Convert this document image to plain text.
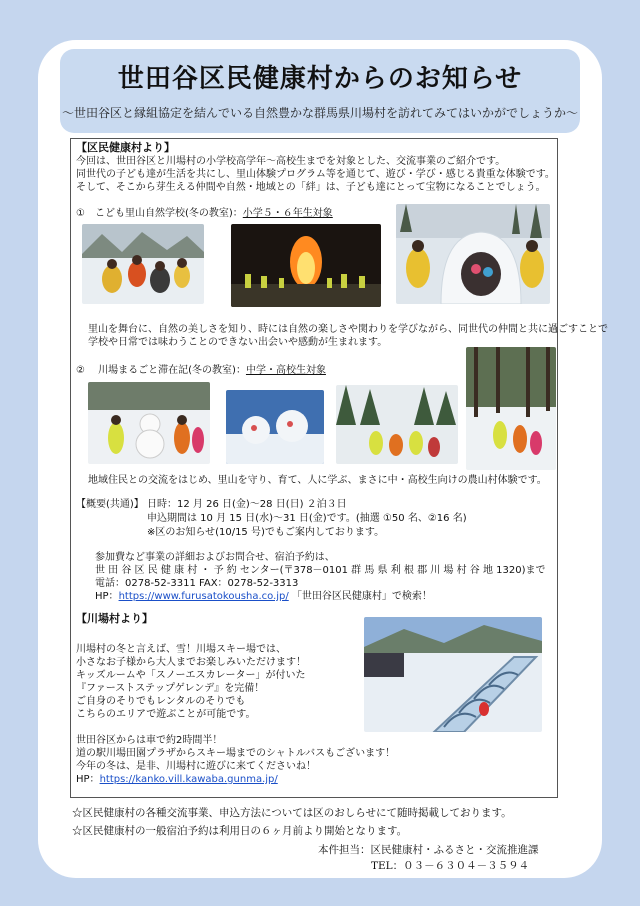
世田谷区民健康村からのお知らせ
～世田谷区と縁組協定を結んでいる自然豊かな群馬県川場村を訪れてみてはいかがでしょうか～
【区民健康村より】
今回は、世田谷区と川場村の小学校高学年～高校生までを対象とした、交流事業のご紹介です。
同世代の子ども達が生活を共にし、里山体験プログラム等を通じて、遊び・学び・感じる貴重な体験です。
そして、そこから芽生える仲間や自然・地域との「絆」は、子ども達にとって宝物になることでしょう。
①　こども里山自然学校(冬の教室)：小学５・６年生対象
里山を舞台に、自然の美しさを知り、時には自然の楽しさや関わりを学びながら、同世代の仲間と共に過ごすことで
学校や日常では味わうことのできない出会いや感動が生まれます。
②　 川場まるごと滞在記(冬の教室)：中学・高校生対象
地域住民との交流をはじめ、里山を守り、育て、人に学ぶ、まさに中・高校生向けの農山村体験です。
【概要(共通)】 日時：12 月 26 日(金)～28 日(日) ２泊３日
申込期間は 10 月 15 日(水)～31 日(金)です。(抽選 ①50 名、②16 名)
※区のお知らせ(10/15 号)でもご案内しております。
参加費など事業の詳細およびお問合せ、宿泊予約は、
世 田 谷 区 民 健 康 村 ・ 予 約 センター(〒378－0101 群 馬 県 利 根 郡 川 場 村 谷 地 1320)まで
電話：0278-52-3311 FAX：0278-52-3313
HP：https://www.furusatokousha.co.jp/ 「世田谷区民健康村」で検索！
【川場村より】
川場村の冬と言えば、雪！川場スキー場では、
小さなお子様から大人までお楽しみいただけます！
キッズルームや「スノーエスカレーター」が付いた
『ファーストステップゲレンデ』を完備！
ご自身のそりでもレンタルのそりでも
こちらのエリアで遊ぶことが可能です。
世田谷区からは車で約2時間半！
道の駅川場田園プラザからスキー場までのシャトルバスもございます！
今年の冬は、是非、川場村に遊びに来てくださいね！
HP：https://kanko.vill.kawaba.gunma.jp/
☆区民健康村の各種交流事業、申込方法については区のおしらせにて随時掲載しております。
☆区民健康村の一般宿泊予約は利用日の６ヶ月前より開始となります。
本件担当：区民健康村・ふるさと・交流推進課
TEL：０３－６３０４－３５９４
